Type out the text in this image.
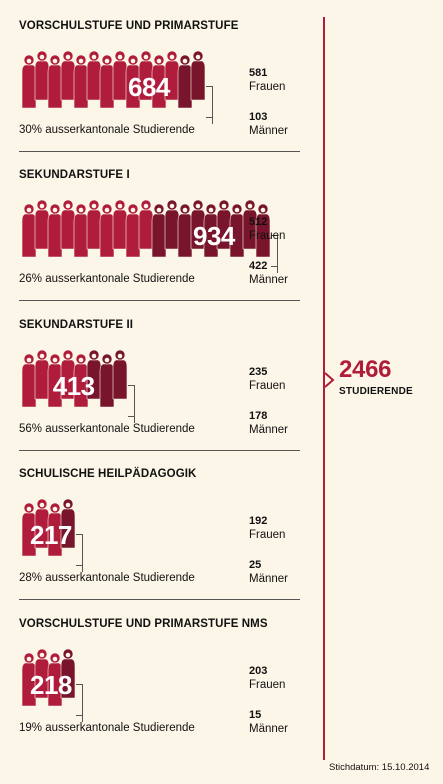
VORSCHULSTUFE UND PRIMARSTUFE
684
30% ausserkantonale Studierende
581
Frauen
103
Männer
SEKUNDARSTUFE I
934
26% ausserkantonale Studierende
512
Frauen
422
Männer
SEKUNDARSTUFE II
413
56% ausserkantonale Studierende
235
Frauen
178
Männer
SCHULISCHE HEILPÄDAGOGIK
217
28% ausserkantonale Studierende
192
Frauen
25
Männer
VORSCHULSTUFE UND PRIMARSTUFE NMS
218
19% ausserkantonale Studierende
203
Frauen
15
Männer
2466
STUDIERENDE
Stichdatum: 15.10.2014
